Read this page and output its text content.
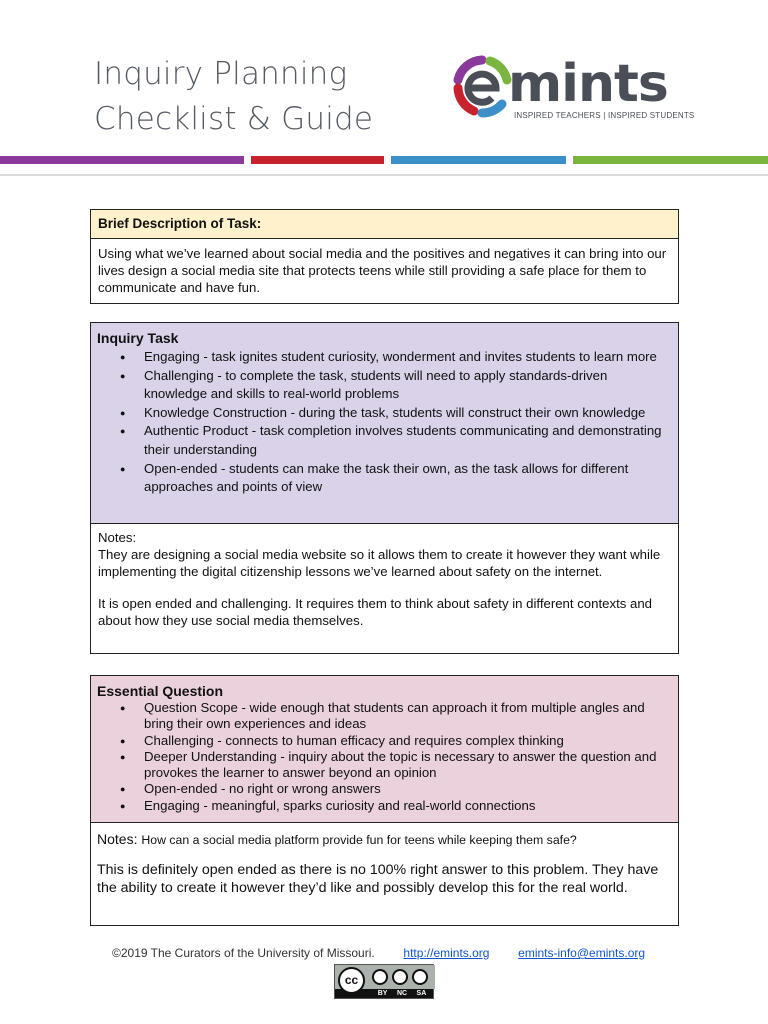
Inquiry Planning
Checklist & Guide
mints
INSPIRED TEACHERS | INSPIRED STUDENTS
Brief Description of Task:
Using what we’ve learned about social media and the positives and negatives it can bring into our lives design a social media site that protects teens while still providing a safe place for them to communicate and have fun.
Inquiry Task
● Engaging - task ignites student curiosity, wonderment and invites students to learn more
● Challenging - to complete the task, students will need to apply standards-driven knowledge and skills to real-world problems
● Knowledge Construction - during the task, students will construct their own knowledge
● Authentic Product - task completion involves students communicating and demonstrating their understanding
● Open-ended - students can make the task their own, as the task allows for different approaches and points of view
Notes:
They are designing a social media website so it allows them to create it however they want while implementing the digital citizenship lessons we’ve learned about safety on the internet.
It is open ended and challenging. It requires them to think about safety in different contexts and about how they use social media themselves.
Essential Question
● Question Scope - wide enough that students can approach it from multiple angles and bring their own experiences and ideas
● Challenging - connects to human efficacy and requires complex thinking
● Deeper Understanding - inquiry about the topic is necessary to answer the question and provokes the learner to answer beyond an opinion
● Open-ended - no right or wrong answers
● Engaging - meaningful, sparks curiosity and real-world connections
Notes: How can a social media platform provide fun for teens while keeping them safe?
This is definitely open ended as there is no 100% right answer to this problem. They have the ability to create it however they’d like and possibly develop this for the real world.
©2019 The Curators of the University of Missouri. http://emints.org emints-info@emints.org
cc
BY NC SA
